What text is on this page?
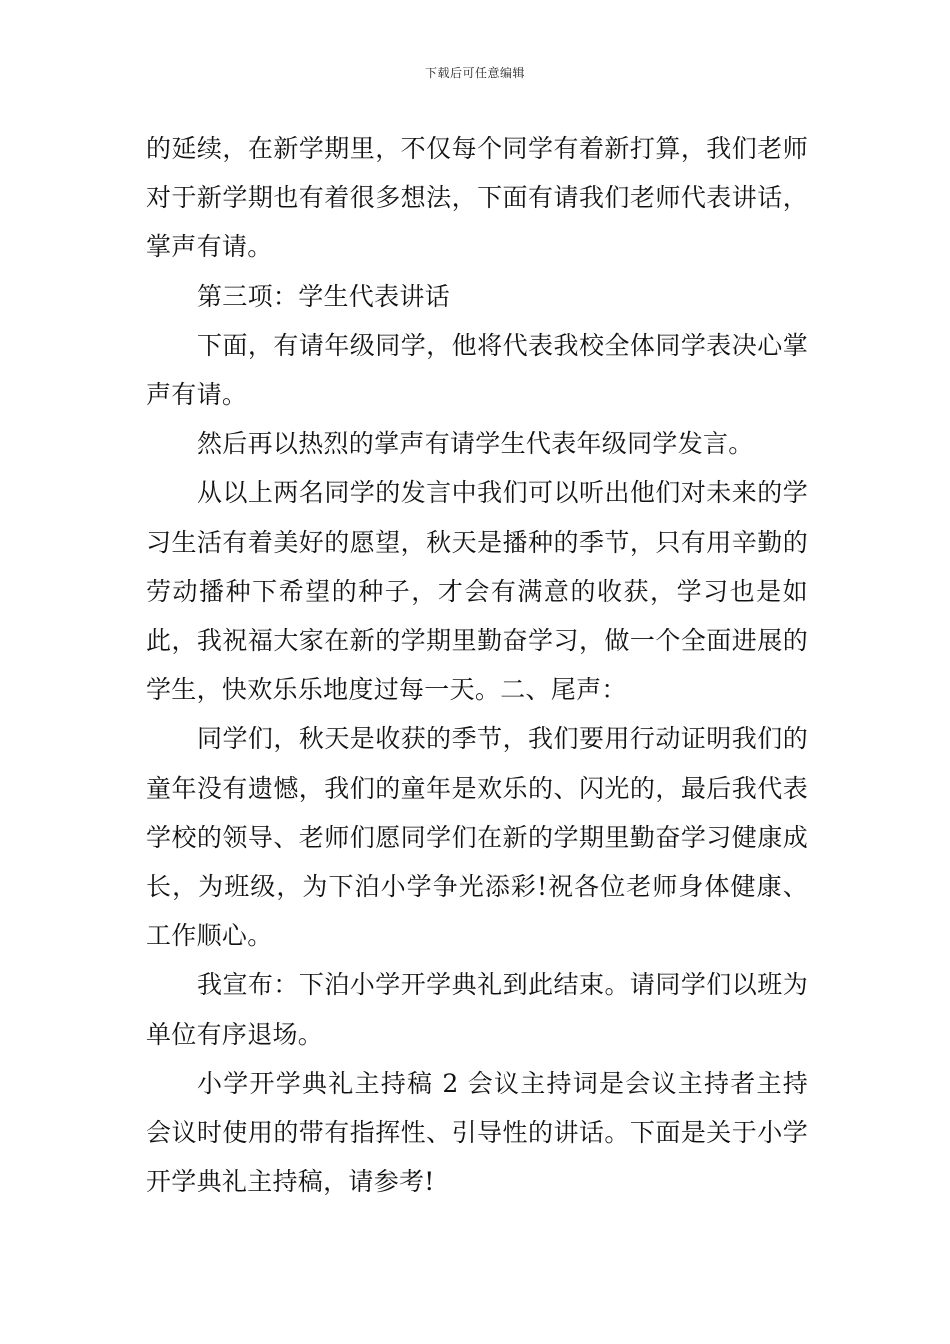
下载后可任意编辑

的延续，在新学期里，不仅每个同学有着新打算，我们老师对于新学期也有着很多想法，下面有请我们老师代表讲话，掌声有请。

第三项：学生代表讲话

下面，有请年级同学，他将代表我校全体同学表决心掌声有请。

然后再以热烈的掌声有请学生代表年级同学发言。

从以上两名同学的发言中我们可以听出他们对未来的学习生活有着美好的愿望，秋天是播种的季节，只有用辛勤的劳动播种下希望的种子，才会有满意的收获，学习也是如此，我祝福大家在新的学期里勤奋学习，做一个全面进展的学生，快欢乐乐地度过每一天。二、尾声：

同学们，秋天是收获的季节，我们要用行动证明我们的童年没有遗憾，我们的童年是欢乐的、闪光的，最后我代表学校的领导、老师们愿同学们在新的学期里勤奋学习健康成长，为班级，为下泊小学争光添彩!祝各位老师身体健康、工作顺心。

我宣布：下泊小学开学典礼到此结束。请同学们以班为单位有序退场。

小学开学典礼主持稿 2 会议主持词是会议主持者主持会议时使用的带有指挥性、引导性的讲话。下面是关于小学开学典礼主持稿，请参考!
